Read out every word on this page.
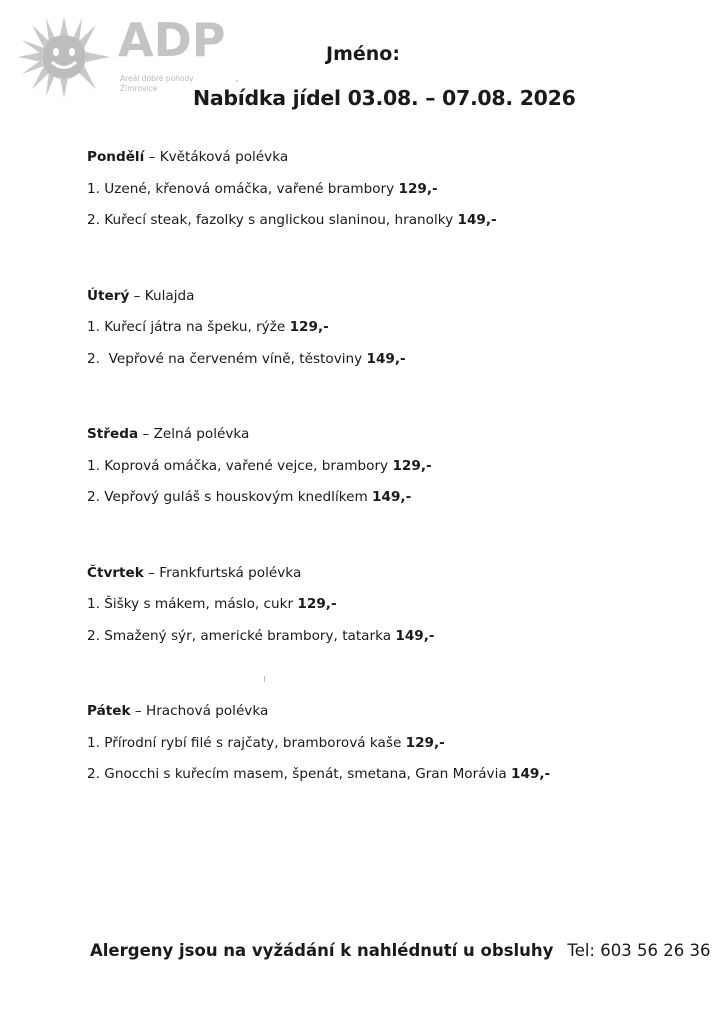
ADP
Areál dobré pohody
Žimrovice
Jméno:
Nabídka jídel 03.08. – 07.08. 2026
Pondělí – Květáková polévka
1. Uzené, křenová omáčka, vařené brambory 129,-
2. Kuřecí steak, fazolky s anglickou slaninou, hranolky 149,-
Úterý – Kulajda
1. Kuřecí játra na špeku, rýže 129,-
2.  Vepřové na červeném víně, těstoviny 149,-
Středa – Zelná polévka
1. Koprová omáčka, vařené vejce, brambory 129,-
2. Vepřový guláš s houskovým knedlíkem 149,-
Čtvrtek – Frankfurtská polévka
1. Šišky s mákem, máslo, cukr 129,-
2. Smažený sýr, americké brambory, tatarka 149,-
Pátek – Hrachová polévka
1. Přírodní rybí filé s rajčaty, bramborová kaše 129,-
2. Gnocchi s kuřecím masem, špenát, smetana, Gran Morávia 149,-
Alergeny jsou na vyžádání k nahlédnutí u obsluhy Tel: 603 56 26 36
